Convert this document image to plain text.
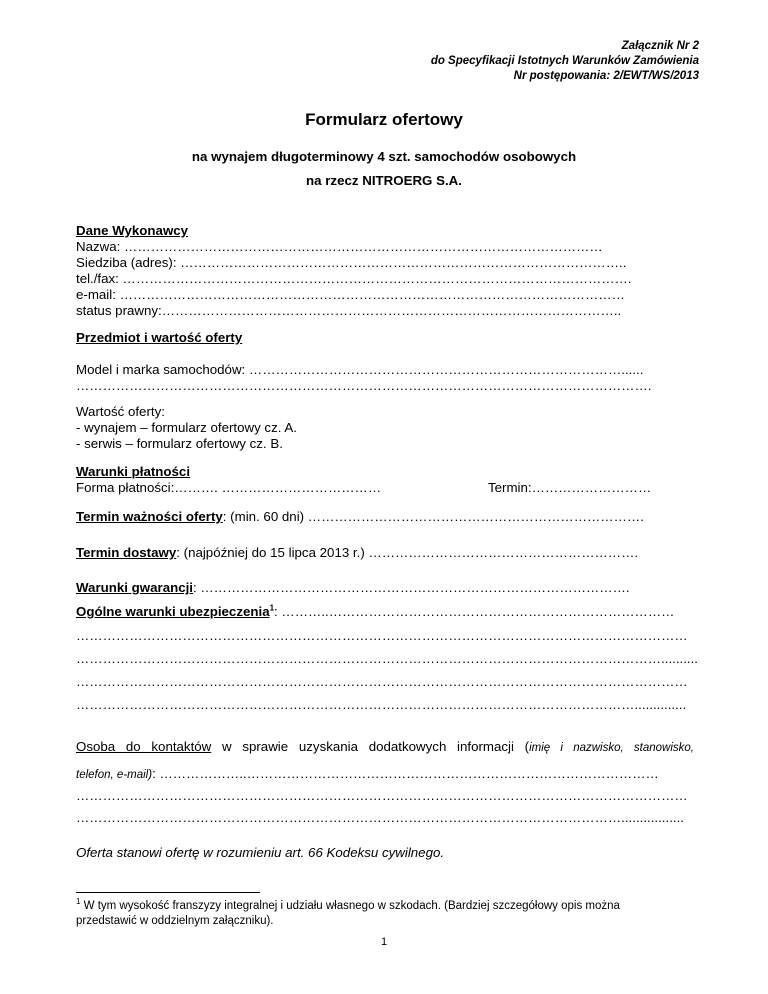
Załącznik Nr 2
do Specyfikacji Istotnych Warunków Zamówienia
Nr postępowania: 2/EWT/WS/2013
Formularz ofertowy
na wynajem długoterminowy 4 szt. samochodów osobowych
na rzecz NITROERG S.A.
Dane Wykonawcy
Nazwa: ………………………………………………………………………………………………
Siedziba (adres): ………………………………………………………………………………………..
tel./fax: …………………………………………………………………………………………………….
e-mail: ……………………………………………………………………………………………………
status prawny:…………………………………………………………………………………………..
Przedmiot i wartość oferty
Model i marka samochodów: …………………………………………………………………………......
………………………………………………………………………………………………………………….
Wartość oferty:
- wynajem – formularz ofertowy cz. A.
- serwis – formularz ofertowy cz. B.
Warunki płatności
Forma płatności:………. ………………………………	Termin:………………………
Termin ważności oferty: (min. 60 dni) ………………………………………………………………….
Termin dostawy: (najpóźniej do 15 lipca 2013 r.) …………………………………………………….
Warunki gwarancji: …………………………………………………………………………………….
Ogólne warunki ubezpieczenia$^1$: ………..……………………………………………………………………
…………………………………………………………………………………………………………………………
……………………………………………………………………………………………………………………..........
…………………………………………………………………………………………………………………………
………………………………………………………………………………………………………………..............
Osoba do kontaktów w sprawie uzyskania dodatkowych informacji (imię i nazwisko, stanowisko,
telefon, e-mail): ………………..…………………………………………………………………………………
…………………………………………………………………………………………………………………………
…………………………………………………………………………………………………………….................
Oferta stanowi ofertę w rozumieniu art. 66 Kodeksu cywilnego.
$^1$ W tym wysokość franszyzy integralnej i udziału własnego w szkodach. (Bardziej szczegółowy opis można
przedstawić w oddzielnym załączniku).
1
